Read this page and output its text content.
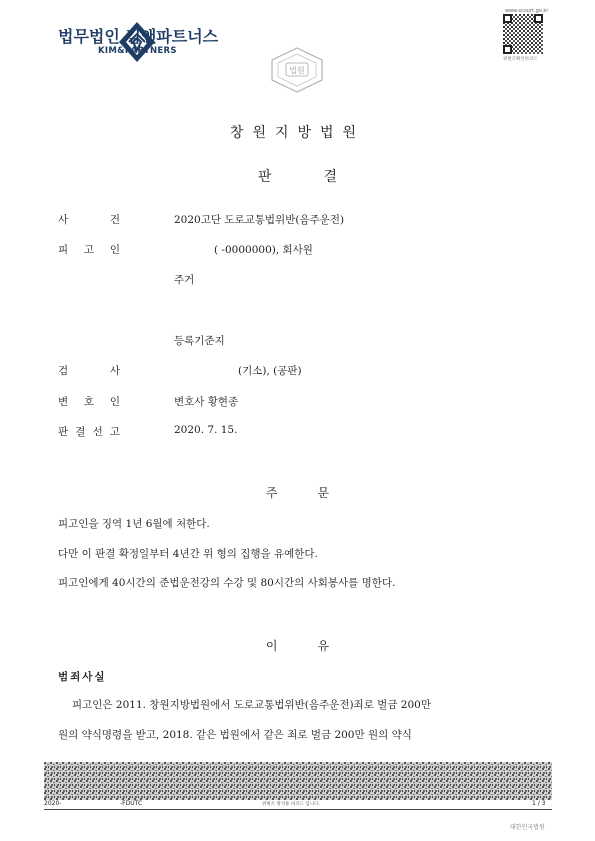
법무법인 김앤파트너스
KIM&PARTNERS
법원
www.scourt.go.kr
위변조확인바코드
창원지방법원
판결
사	건	2020고단 도로교통법위반(음주운전)
피 고 인	( -0000000), 회사원
주거
등록기준지
검	사	(기소), (공판)
변 호 인	변호사 황현종
판 결 선 고	2020. 7. 15.
주문
피고인을 징역 1년 6월에 처한다.
다만 이 판결 확정일부터 4년간 위 형의 집행을 유예한다.
피고인에게 40시간의 준법운전강의 수강 및 80시간의 사회봉사를 명한다.
이유
범죄사실
피고인은 2011. 창원지방법원에서 도로교통법위반(음주운전)죄로 벌금 200만
원의 약식명령을 받고, 2018. 같은 법원에서 같은 죄로 벌금 200만 원의 약식
2020-	-FDUTC	위변조 방지용 바코드 입니다.	1 / 3
대한민국법원
